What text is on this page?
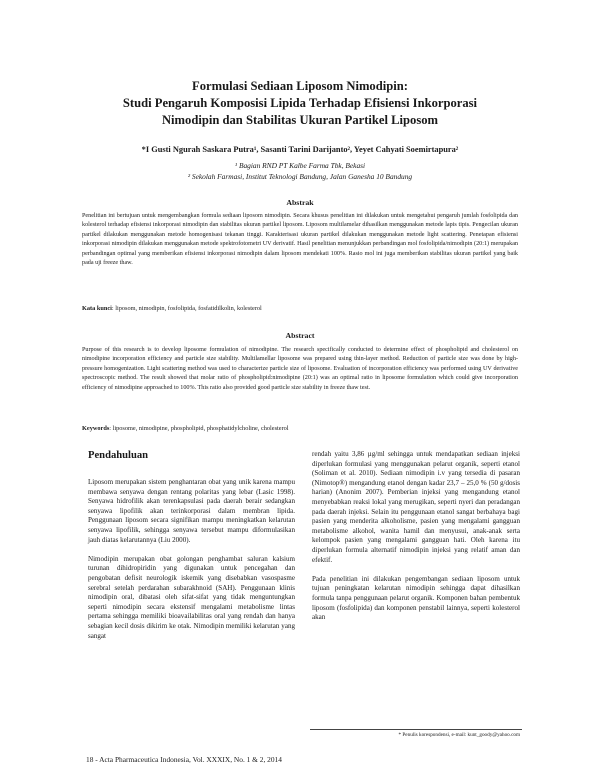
Formulasi Sediaan Liposom Nimodipin:
Studi Pengaruh Komposisi Lipida Terhadap Efisiensi Inkorporasi
Nimodipin dan Stabilitas Ukuran Partikel Liposom
*I Gusti Ngurah Saskara Putra¹, Sasanti Tarini Darijanto², Yeyet Cahyati Soemirtapura²
¹ Bagian RND PT Kalbe Farma Tbk, Bekasi
² Sekolah Farmasi, Institut Teknologi Bandung, Jalan Ganesha 10 Bandung
Abstrak
Penelitian ini bertujuan untuk mengembangkan formula sediaan liposom nimodipin. Secara khusus penelitian ini dilakukan untuk mengetahui pengaruh jumlah fosfolipida dan kolesterol terhadap efisiensi inkorporasi nimodipin dan stabilitas ukuran partikel liposom. Liposom multilamelar dihasilkan menggunakan metode lapis tipis. Pengecilan ukuran partikel dilakukan menggunakan metode homogenisasi tekanan tinggi. Karakterisasi ukuran partikel dilakukan menggunakan metode light scattering. Penetapan efisiensi inkorporasi nimodipin dilakukan menggunakan metode spektrofotometri UV derivatif. Hasil penelitian menunjukkan perbandingan mol fosfolipida/nimodipin (20:1) merupakan perbandingan optimal yang memberikan efisiensi inkorporasi nimodipin dalam liposom mendekati 100%. Rasio mol ini juga memberikan stabilitas ukuran partikel yang baik pada uji freeze thaw.
Kata kunci: liposom, nimodipin, fosfolipida, fosfatidilkolin, kolesterol
Abstract
Purpose of this research is to develop liposome formulation of nimodipine. The research specifically conducted to determine effect of phospholipid and cholesterol on nimodipine incorporation efficiency and particle size stability. Multilamellar liposome was prepared using thin-layer method. Reduction of particle size was done by high-pressure homogenization. Light scattering method was used to characterize particle size of liposome. Evaluation of incorporation efficiency was performed using UV derivative spectroscopic method. The result showed that molar ratio of phospholipid:nimodipine (20:1) was an optimal ratio in liposome formulation which could give incorporation efficiency of nimodipine approached to 100%. This ratio also provided good particle size stability in freeze thaw test.
Keywords: liposome, nimodipine, phospholipid, phosphatidylcholine, cholesterol
Pendahuluan

Liposom merupakan sistem penghantaran obat yang unik karena mampu membawa senyawa dengan rentang polaritas yang lebar (Lasic 1998). Senyawa hidrofilik akan terenkapsulasi pada daerah berair sedangkan senyawa lipofilik akan terinkorporasi dalam membran lipida. Penggunaan liposom secara signifikan mampu meningkatkan kelarutan senyawa lipofilik, sehingga senyawa tersebut mampu diformulasikan jauh diatas kelarutannya (Liu 2000).

Nimodipin merupakan obat golongan penghambat saluran kalsium turunan dihidropiridin yang digunakan untuk pencegahan dan pengobatan defisit neurologik iskemik yang disebabkan vasospasme serebral setelah perdarahan subarakhnoid (SAH). Penggunaan klinis nimodipin oral, dibatasi oleh sifat-sifat yang tidak menguntungkan seperti nimodipin secara ekstensif mengalami metabolisme lintas pertama sehingga memiliki bioavailabilitas oral yang rendah dan hanya sebagian kecil dosis dikirim ke otak. Nimodipin memiliki kelarutan yang sangat

rendah yaitu 3,86 µg/ml sehingga untuk mendapatkan sediaan injeksi diperlukan formulasi yang menggunakan pelarut organik, seperti etanol (Soliman et al. 2010). Sediaan nimodipin i.v yang tersedia di pasaran (Nimotop®) mengandung etanol dengan kadar 23,7 – 25,0 % (50 g/dosis harian) (Anonim 2007). Pemberian injeksi yang mengandung etanol menyebabkan reaksi lokal yang merugikan, seperti nyeri dan peradangan pada daerah injeksi. Selain itu penggunaan etanol sangat berbahaya bagi pasien yang menderita alkoholisme, pasien yang mengalami gangguan metabolisme alkohol, wanita hamil dan menyusui, anak-anak serta kelompok pasien yang mengalami gangguan hati. Oleh karena itu diperlukan formula alternatif nimodipin injeksi yang relatif aman dan efektif.

Pada penelitian ini dilakukan pengembangan sediaan liposom untuk tujuan peningkatan kelarutan nimodipin sehingga dapat dihasilkan formula tanpa penggunaan pelarut organik. Komponen bahan pembentuk liposom (fosfolipida) dan komponen penstabil lainnya, seperti kolesterol akan

* Penulis korespondensi, e-mail: kunt_goody@yahoo.com
18 - Acta Pharmaceutica Indonesia, Vol. XXXIX, No. 1 & 2, 2014
